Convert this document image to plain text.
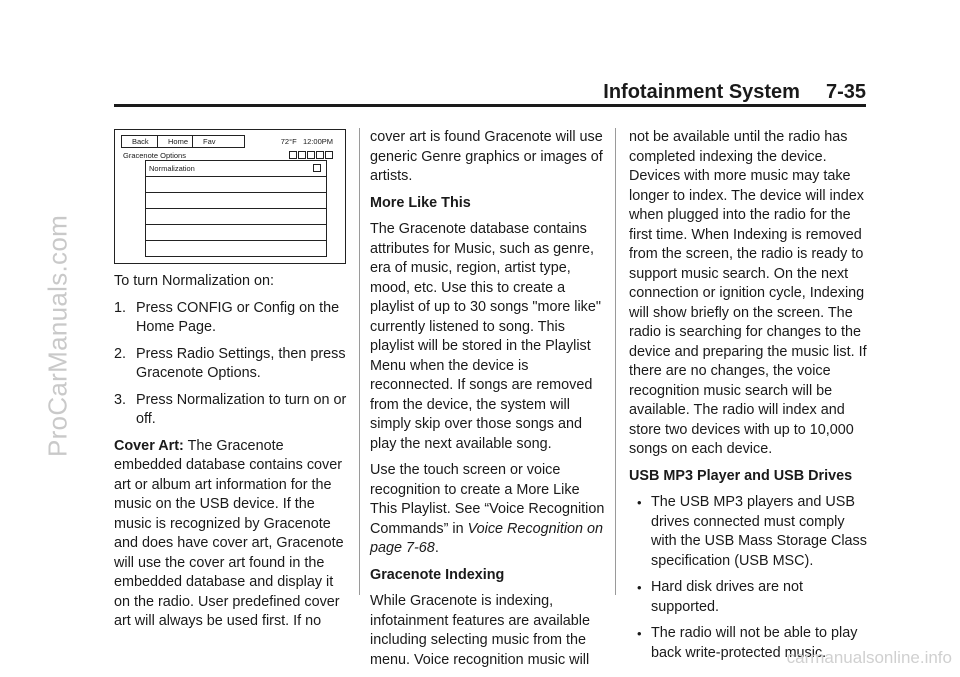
ProCarManuals.com
Infotainment System 7-35
Back	Home	Fav	72°F 12:00PM
Gracenote Options
Normalization

To turn Normalization on:

1. Press CONFIG or Config on the Home Page.
2. Press Radio Settings, then press Gracenote Options.
3. Press Normalization to turn on or off.

Cover Art: The Gracenote embedded database contains cover art or album art information for the music on the USB device. If the music is recognized by Gracenote and does have cover art, Gracenote will use the cover art found in the embedded database and display it on the radio. User predefined cover art will always be used first. If no

cover art is found Gracenote will use generic Genre graphics or images of artists.

More Like This

The Gracenote database contains attributes for Music, such as genre, era of music, region, artist type, mood, etc. Use this to create a playlist of up to 30 songs "more like" currently listened to song. This playlist will be stored in the Playlist Menu when the device is reconnected. If songs are removed from the device, the system will simply skip over those songs and play the next available song.

Use the touch screen or voice recognition to create a More Like This Playlist. See “Voice Recognition Commands” in Voice Recognition on page 7-68.

Gracenote Indexing

While Gracenote is indexing, infotainment features are available including selecting music from the menu. Voice recognition music will

not be available until the radio has completed indexing the device. Devices with more music may take longer to index. The device will index when plugged into the radio for the first time. When Indexing is removed from the screen, the radio is ready to support music search. On the next connection or ignition cycle, Indexing will show briefly on the screen. The radio is searching for changes to the device and preparing the music list. If there are no changes, the voice recognition music search will be available. The radio will index and store two devices with up to 10,000 songs on each device.

USB MP3 Player and USB Drives

• The USB MP3 players and USB drives connected must comply with the USB Mass Storage Class specification (USB MSC).
• Hard disk drives are not supported.
• The radio will not be able to play back write-protected music.
carmanualsonline.info
